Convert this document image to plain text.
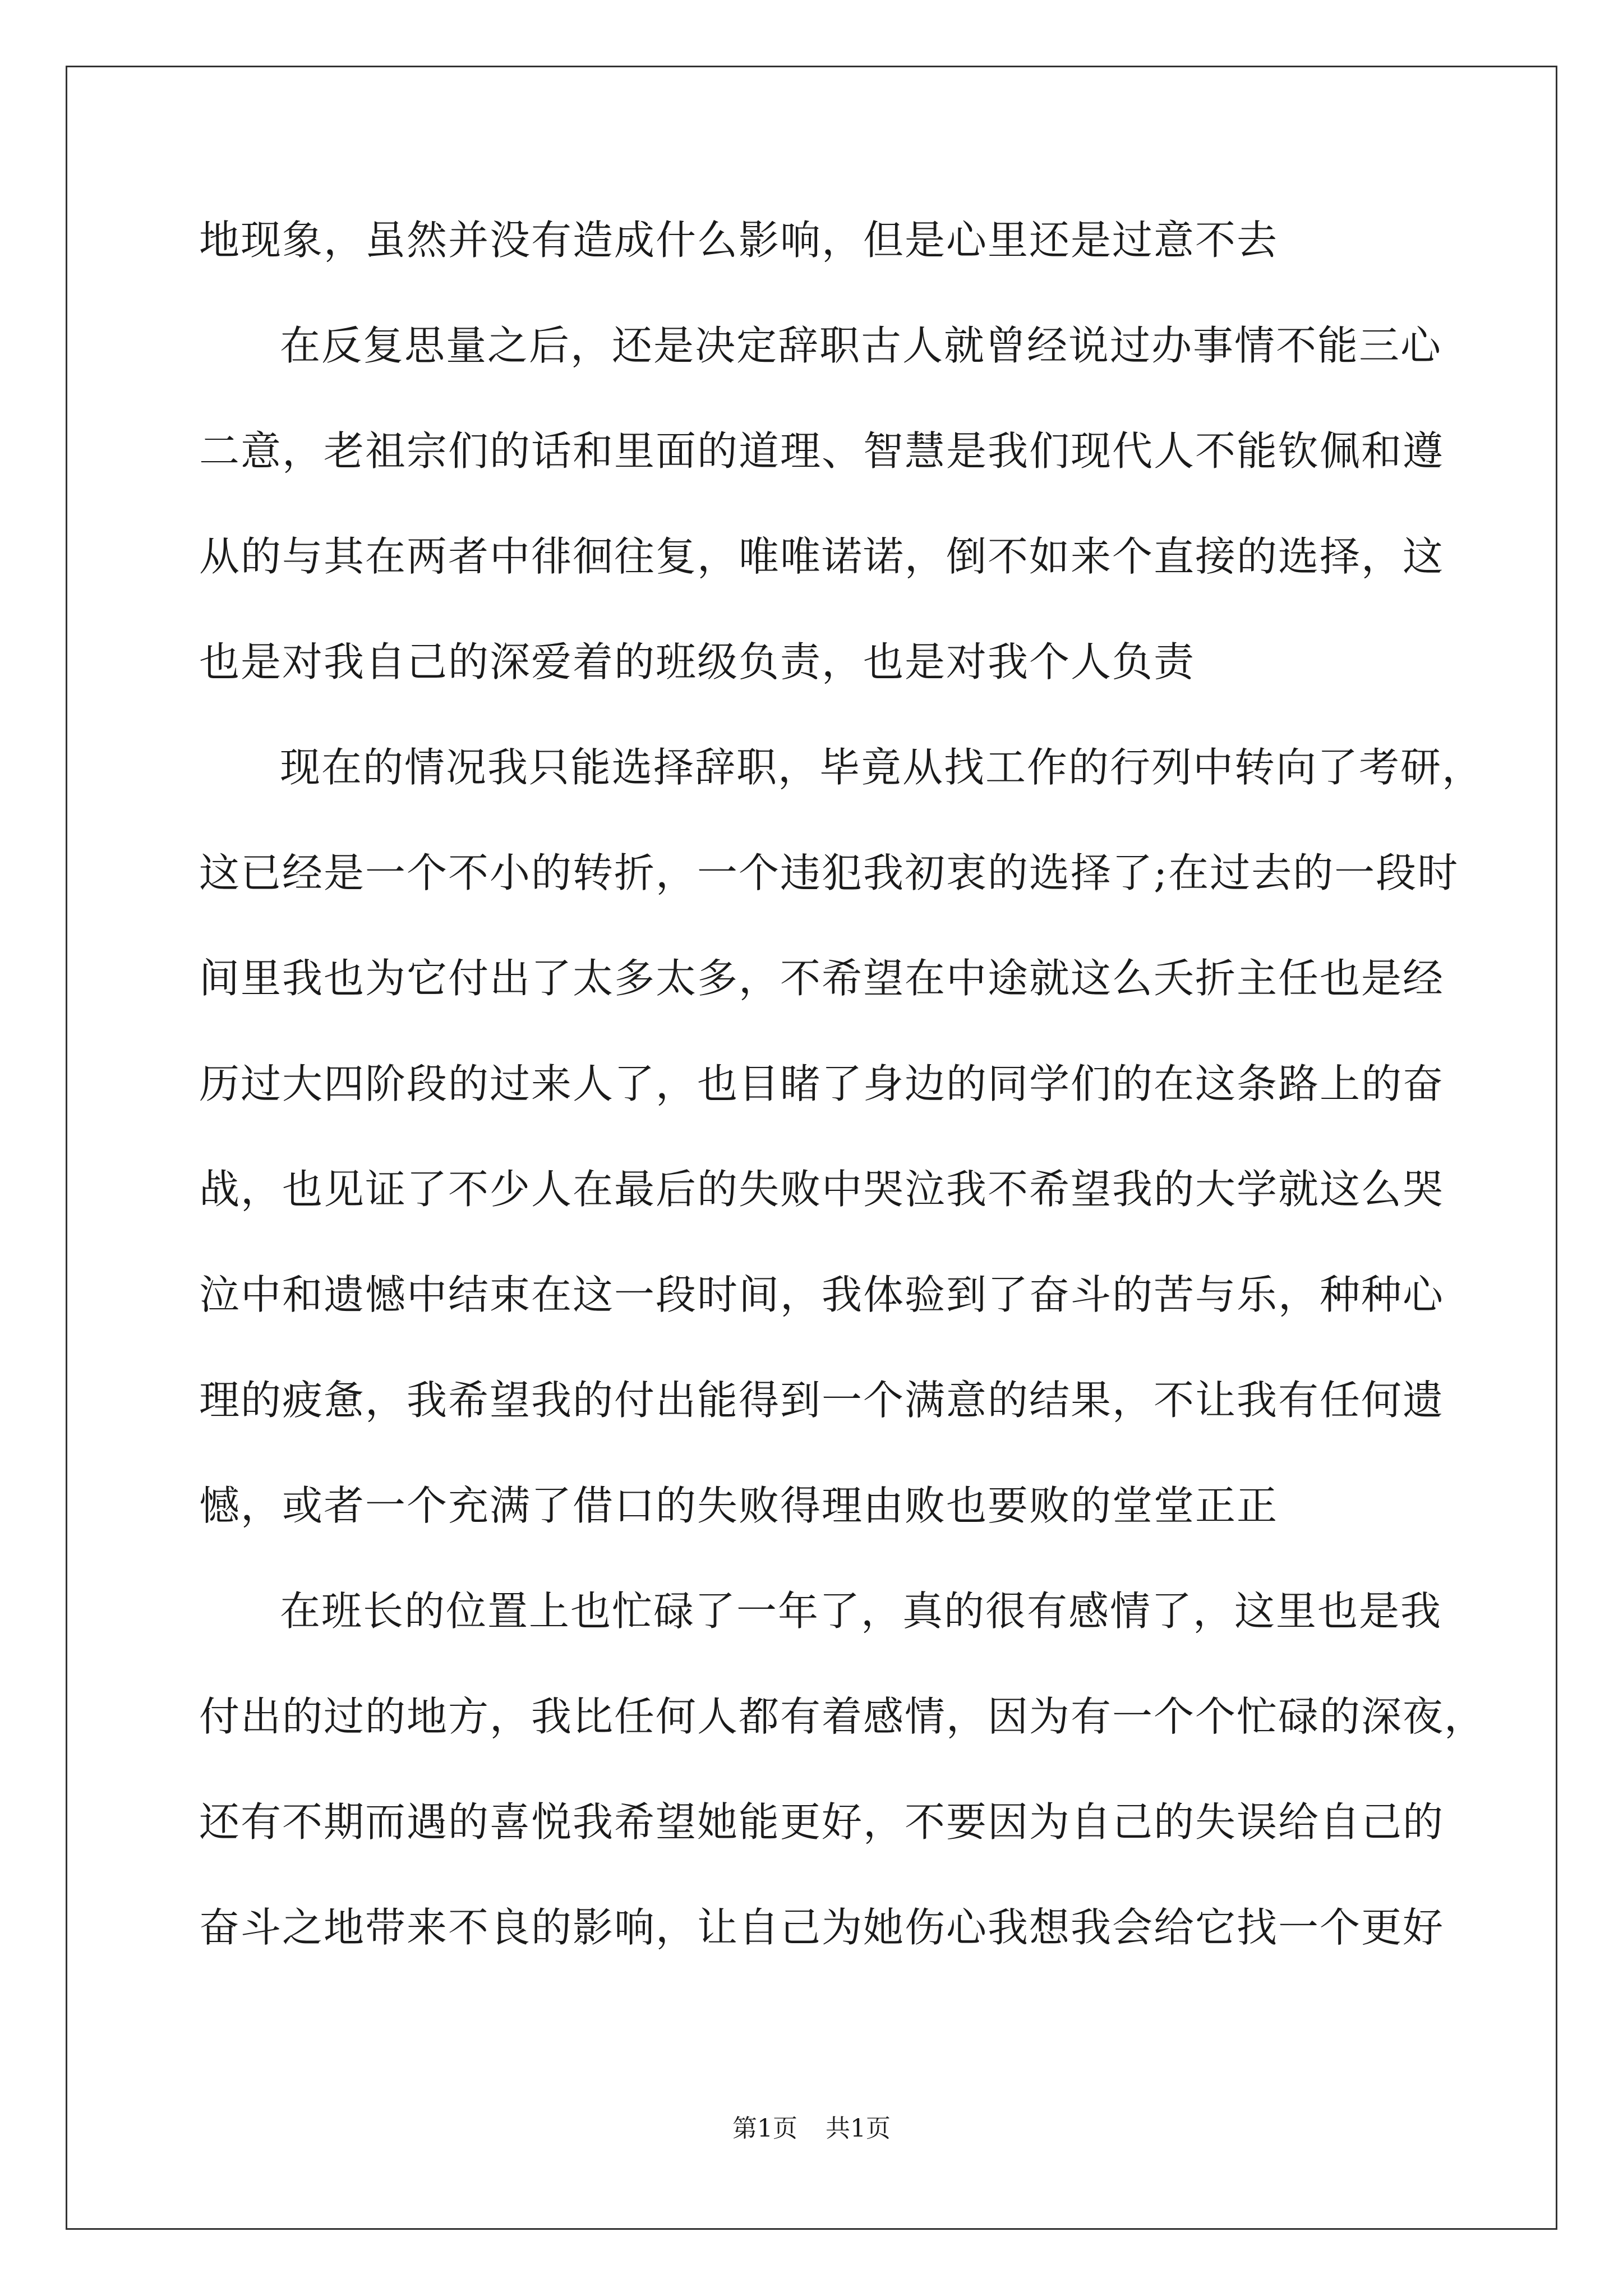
地现象，虽然并没有造成什么影响，但是心里还是过意不去
在反复思量之后，还是决定辞职古人就曾经说过办事情不能三心
二意，老祖宗们的话和里面的道理、智慧是我们现代人不能钦佩和遵
从的与其在两者中徘徊往复，唯唯诺诺，倒不如来个直接的选择，这
也是对我自己的深爱着的班级负责，也是对我个人负责
现在的情况我只能选择辞职，毕竟从找工作的行列中转向了考研，
这已经是一个不小的转折，一个违犯我初衷的选择了;在过去的一段时
间里我也为它付出了太多太多，不希望在中途就这么夭折主任也是经
历过大四阶段的过来人了，也目睹了身边的同学们的在这条路上的奋
战，也见证了不少人在最后的失败中哭泣我不希望我的大学就这么哭
泣中和遗憾中结束在这一段时间，我体验到了奋斗的苦与乐，种种心
理的疲惫，我希望我的付出能得到一个满意的结果，不让我有任何遗
憾，或者一个充满了借口的失败得理由败也要败的堂堂正正
在班长的位置上也忙碌了一年了，真的很有感情了，这里也是我
付出的过的地方，我比任何人都有着感情，因为有一个个忙碌的深夜，
还有不期而遇的喜悦我希望她能更好，不要因为自己的失误给自己的
奋斗之地带来不良的影响，让自己为她伤心我想我会给它找一个更好
第1页 共1页
